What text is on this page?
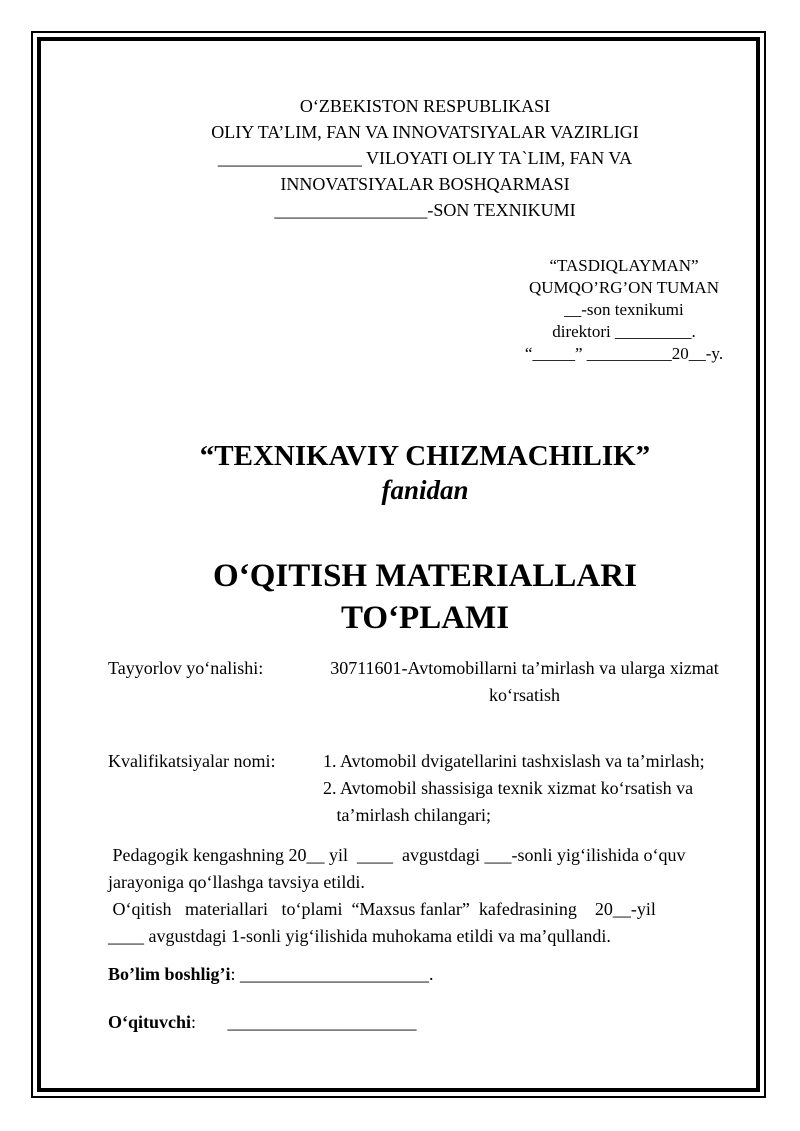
O‘ZBEKISTON RESPUBLIKASI
OLIY TA’LIM, FAN VA INNOVATSIYALAR VAZIRLIGI
________________ VILOYATI OLIY TA`LIM, FAN VA
INNOVATSIYALAR BOSHQARMASI
_________________-SON TEXNIKUMI
“TASDIQLAYMAN”
QUMQO’RG’ON TUMAN
__-son texnikumi
direktori _________.
“_____” __________20__-y.
“TEXNIKAVIY CHIZMACHILIK”
fanidan
O‘QITISH MATERIALLARI
TO‘PLAMI
Tayyorlov yo‘nalishi:	30711601-Avtomobillarni ta’mirlash va ularga xizmat
ko‘rsatish
Kvalifikatsiyalar nomi:	1. Avtomobil dvigatellarini tashxislash va ta’mirlash;
2. Avtomobil shassisiga texnik xizmat ko‘rsatish va
ta’mirlash chilangari;
Pedagogik kengashning 20__ yil  ____  avgustdagi ___-sonli yig‘ilishida o‘quv
jarayoniga qo‘llashga tavsiya etildi.
O‘qitish   materiallari   to‘plami  “Maxsus fanlar”  kafedrasining    20__-yil
____ avgustdagi 1-sonli yig‘ilishida muhokama etildi va ma’qullandi.
Bo’lim boshlig’i: _____________________.
O‘qituvchi:       _____________________
